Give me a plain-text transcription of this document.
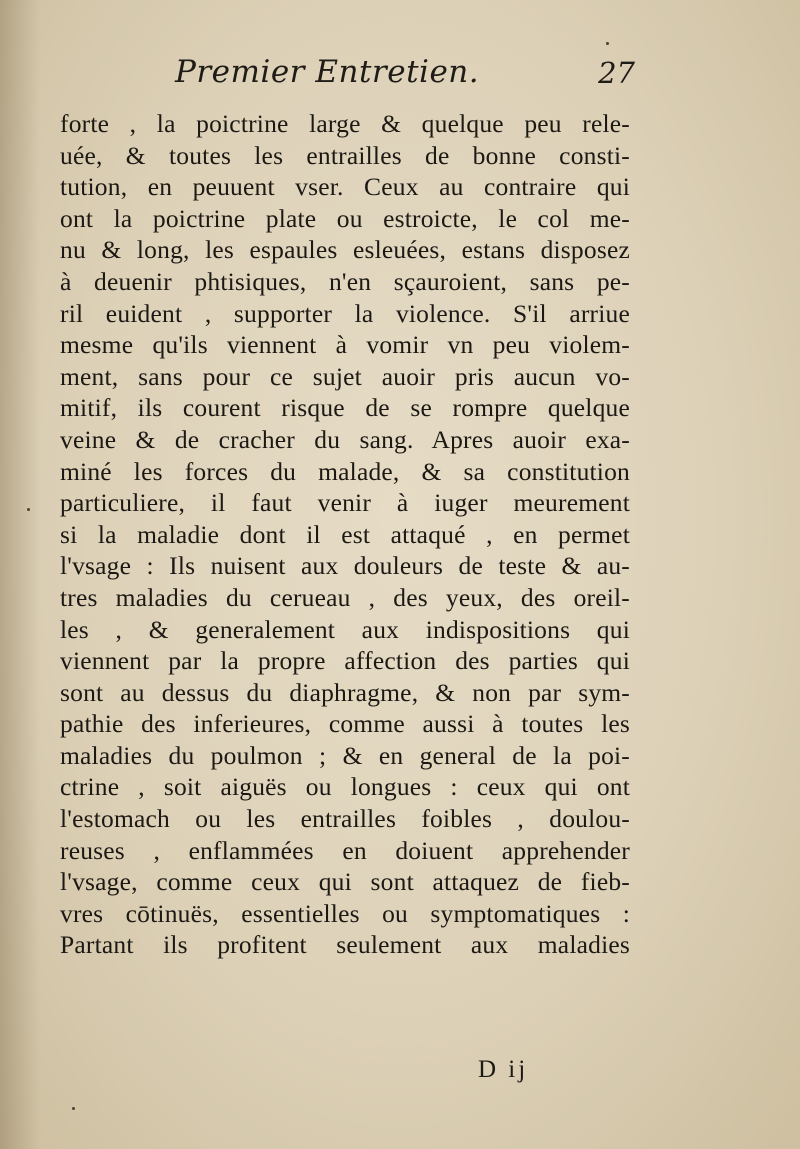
Premier Entretien.	27
forte , la poictrine large & quelque peu rele-
uée, & toutes les entrailles de bonne consti-
tution, en peuuent vser. Ceux au contraire qui
ont la poictrine plate ou estroicte, le col me-
nu & long, les espaules esleuées, estans disposez
à deuenir phtisiques, n'en sçauroient, sans pe-
ril euident , supporter la violence. S'il arriue
mesme qu'ils viennent à vomir vn peu violem-
ment, sans pour ce sujet auoir pris aucun vo-
mitif, ils courent risque de se rompre quelque
veine & de cracher du sang. Apres auoir exa-
miné les forces du malade, & sa constitution
particuliere, il faut venir à iuger meurement
si la maladie dont il est attaqué , en permet
l'vsage : Ils nuisent aux douleurs de teste & au-
tres maladies du cerueau , des yeux, des oreil-
les , & generalement aux indispositions qui
viennent par la propre affection des parties qui
sont au dessus du diaphragme, & non par sym-
pathie des inferieures, comme aussi à toutes les
maladies du poulmon ; & en general de la poi-
ctrine , soit aiguës ou longues : ceux qui ont
l'estomach ou les entrailles foibles , doulou-
reuses , enflammées en doiuent apprehender
l'vsage, comme ceux qui sont attaquez de fieb-
vres cōtinuës, essentielles ou symptomatiques :
Partant ils profitent seulement aux maladies
D ij
